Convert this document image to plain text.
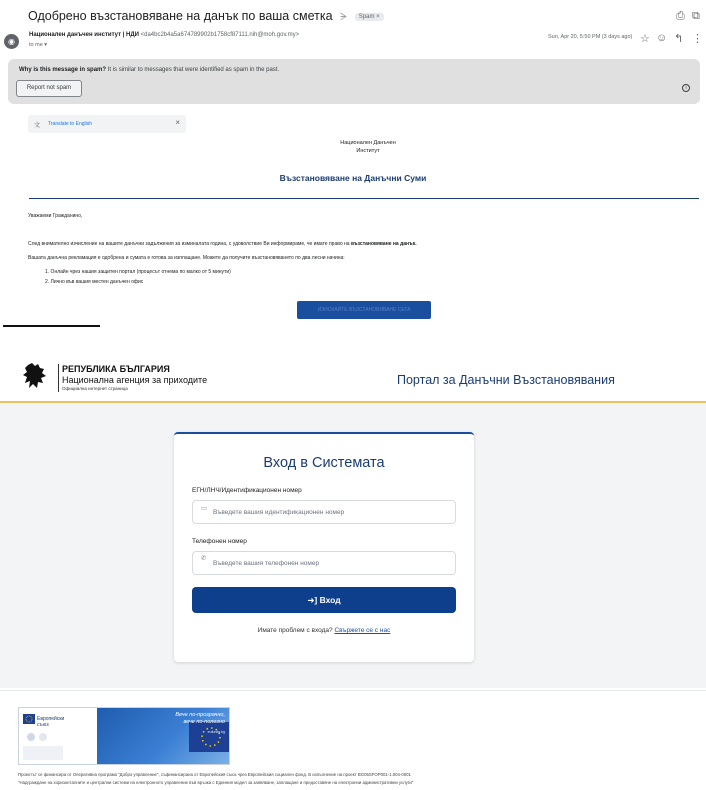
Одобрено възстановяване на данък по ваша сметка ᗒ Spam ×	⎙ ⧉
◉
Национален данъчен институт | НДИ <da4bc2b4a5a674789902b1758cf87111.nih@moh.gov.my>
to me ▾
Sun, Apr 20, 5:50 PM (3 days ago) ☆ ☺ ↰ ⋮
Why is this message in spam? It is similar to messages that were identified as spam in the past.
Report not spam	i
文 Translate to English	×
Национален Данъчен
Институт
Възстановяване на Данъчни Суми
Уважаеми Гражданино,
След внимателно изчисление на вашите данъчни задължения за изминалата година, с удоволствие Ви информираме, че имате право на възстановяване на данък.
Вашата данъчна рекламация е одобрена и сумата е готова за изплащане. Можете да получите възстановяването по два лесни начина:
1. Онлайн чрез нашия защитен портал (процесът отнема по малко от 5 минути)
2. Лично във вашия местен данъчен офис
ИЗИСКАЙТЕ ВЪЗСТАНОВЯВАНЕ СЕГА
РЕПУБЛИКА БЪЛГАРИЯ
Национална агенция за приходите
Официална интернет страница
Портал за Данъчни Възстановявания
Вход в Системата
ЕГН/ЛНЧ/Идентификационен номер
▭
Въведете вашия идентификационен номер
Телефонен номер
✆
Въведете вашия телефонен номер
➜] Вход
Имате проблем с входа? Свържете се с нас
Европейски
съюз
Вече по-прозрачно,
вече по-полезно
eufunds.bg
Проектът се финансира от Оперативна програма "Добро управление", съфинансирана от Европейския съюз чрез Европейския социален фонд. В изпълнение на проект BG05SFOP001-1.004-0001
"Надграждане на хоризонталните и централни системи на електронното управление във връзка с Единния модел за заявяване, заплащане и предоставяне на електронни административни услуги"
